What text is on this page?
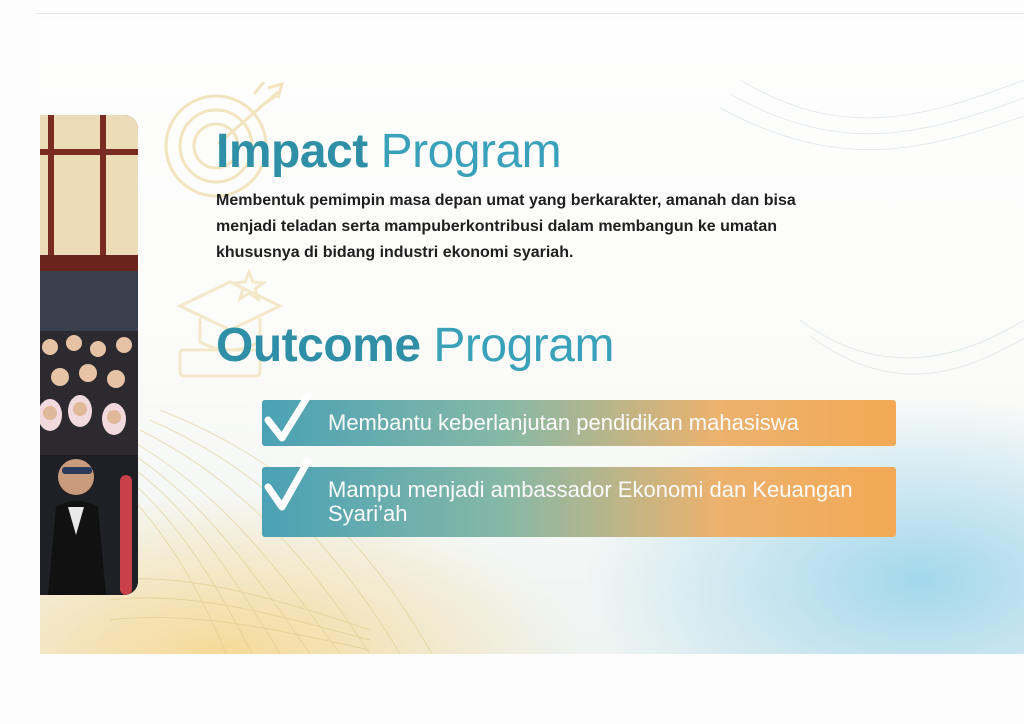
Impact Program
Membentuk pemimpin masa depan umat yang berkarakter, amanah dan bisa menjadi teladan serta mampuberkontribusi dalam membangun ke umatan khususnya di bidang industri ekonomi syariah.
Outcome Program
Membantu keberlanjutan pendidikan mahasiswa
Mampu menjadi ambassador Ekonomi dan Keuangan Syari’ah
